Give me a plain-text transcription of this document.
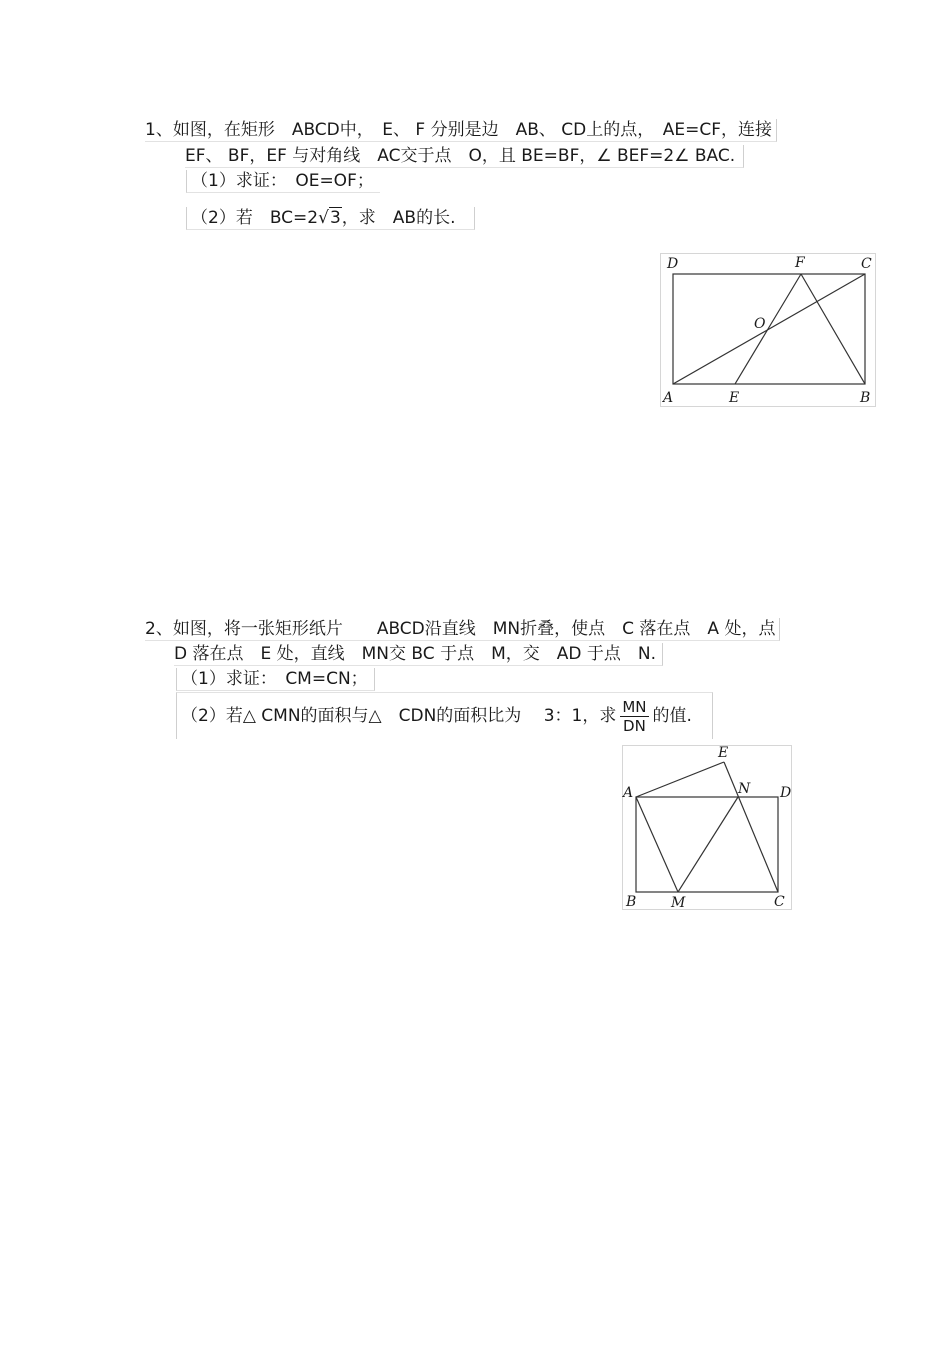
1、如图，在矩形　ABCD中，　E、 F 分别是边　AB、 CD上的点，　AE=CF，连接
EF、 BF，EF 与对角线　AC交于点　O，且 BE=BF，∠ BEF=2∠ BAC.
（1）求证：　OE=OF；
（2）若　BC=2√3，求　AB的长.
D	F	C
O
A	E	B
2、如图，将一张矩形纸片　　ABCD沿直线　MN折叠，使点　C 落在点　A 处，点
D 落在点　E 处，直线　MN交 BC 于点　M，交　AD 于点　N.
（1）求证：　CM=CN；
（2）若△ CMN的面积与△　CDN的面积比为　 3：1，求 $\frac{MN}{DN}$ 的值.
E
A	N D
B M	C
